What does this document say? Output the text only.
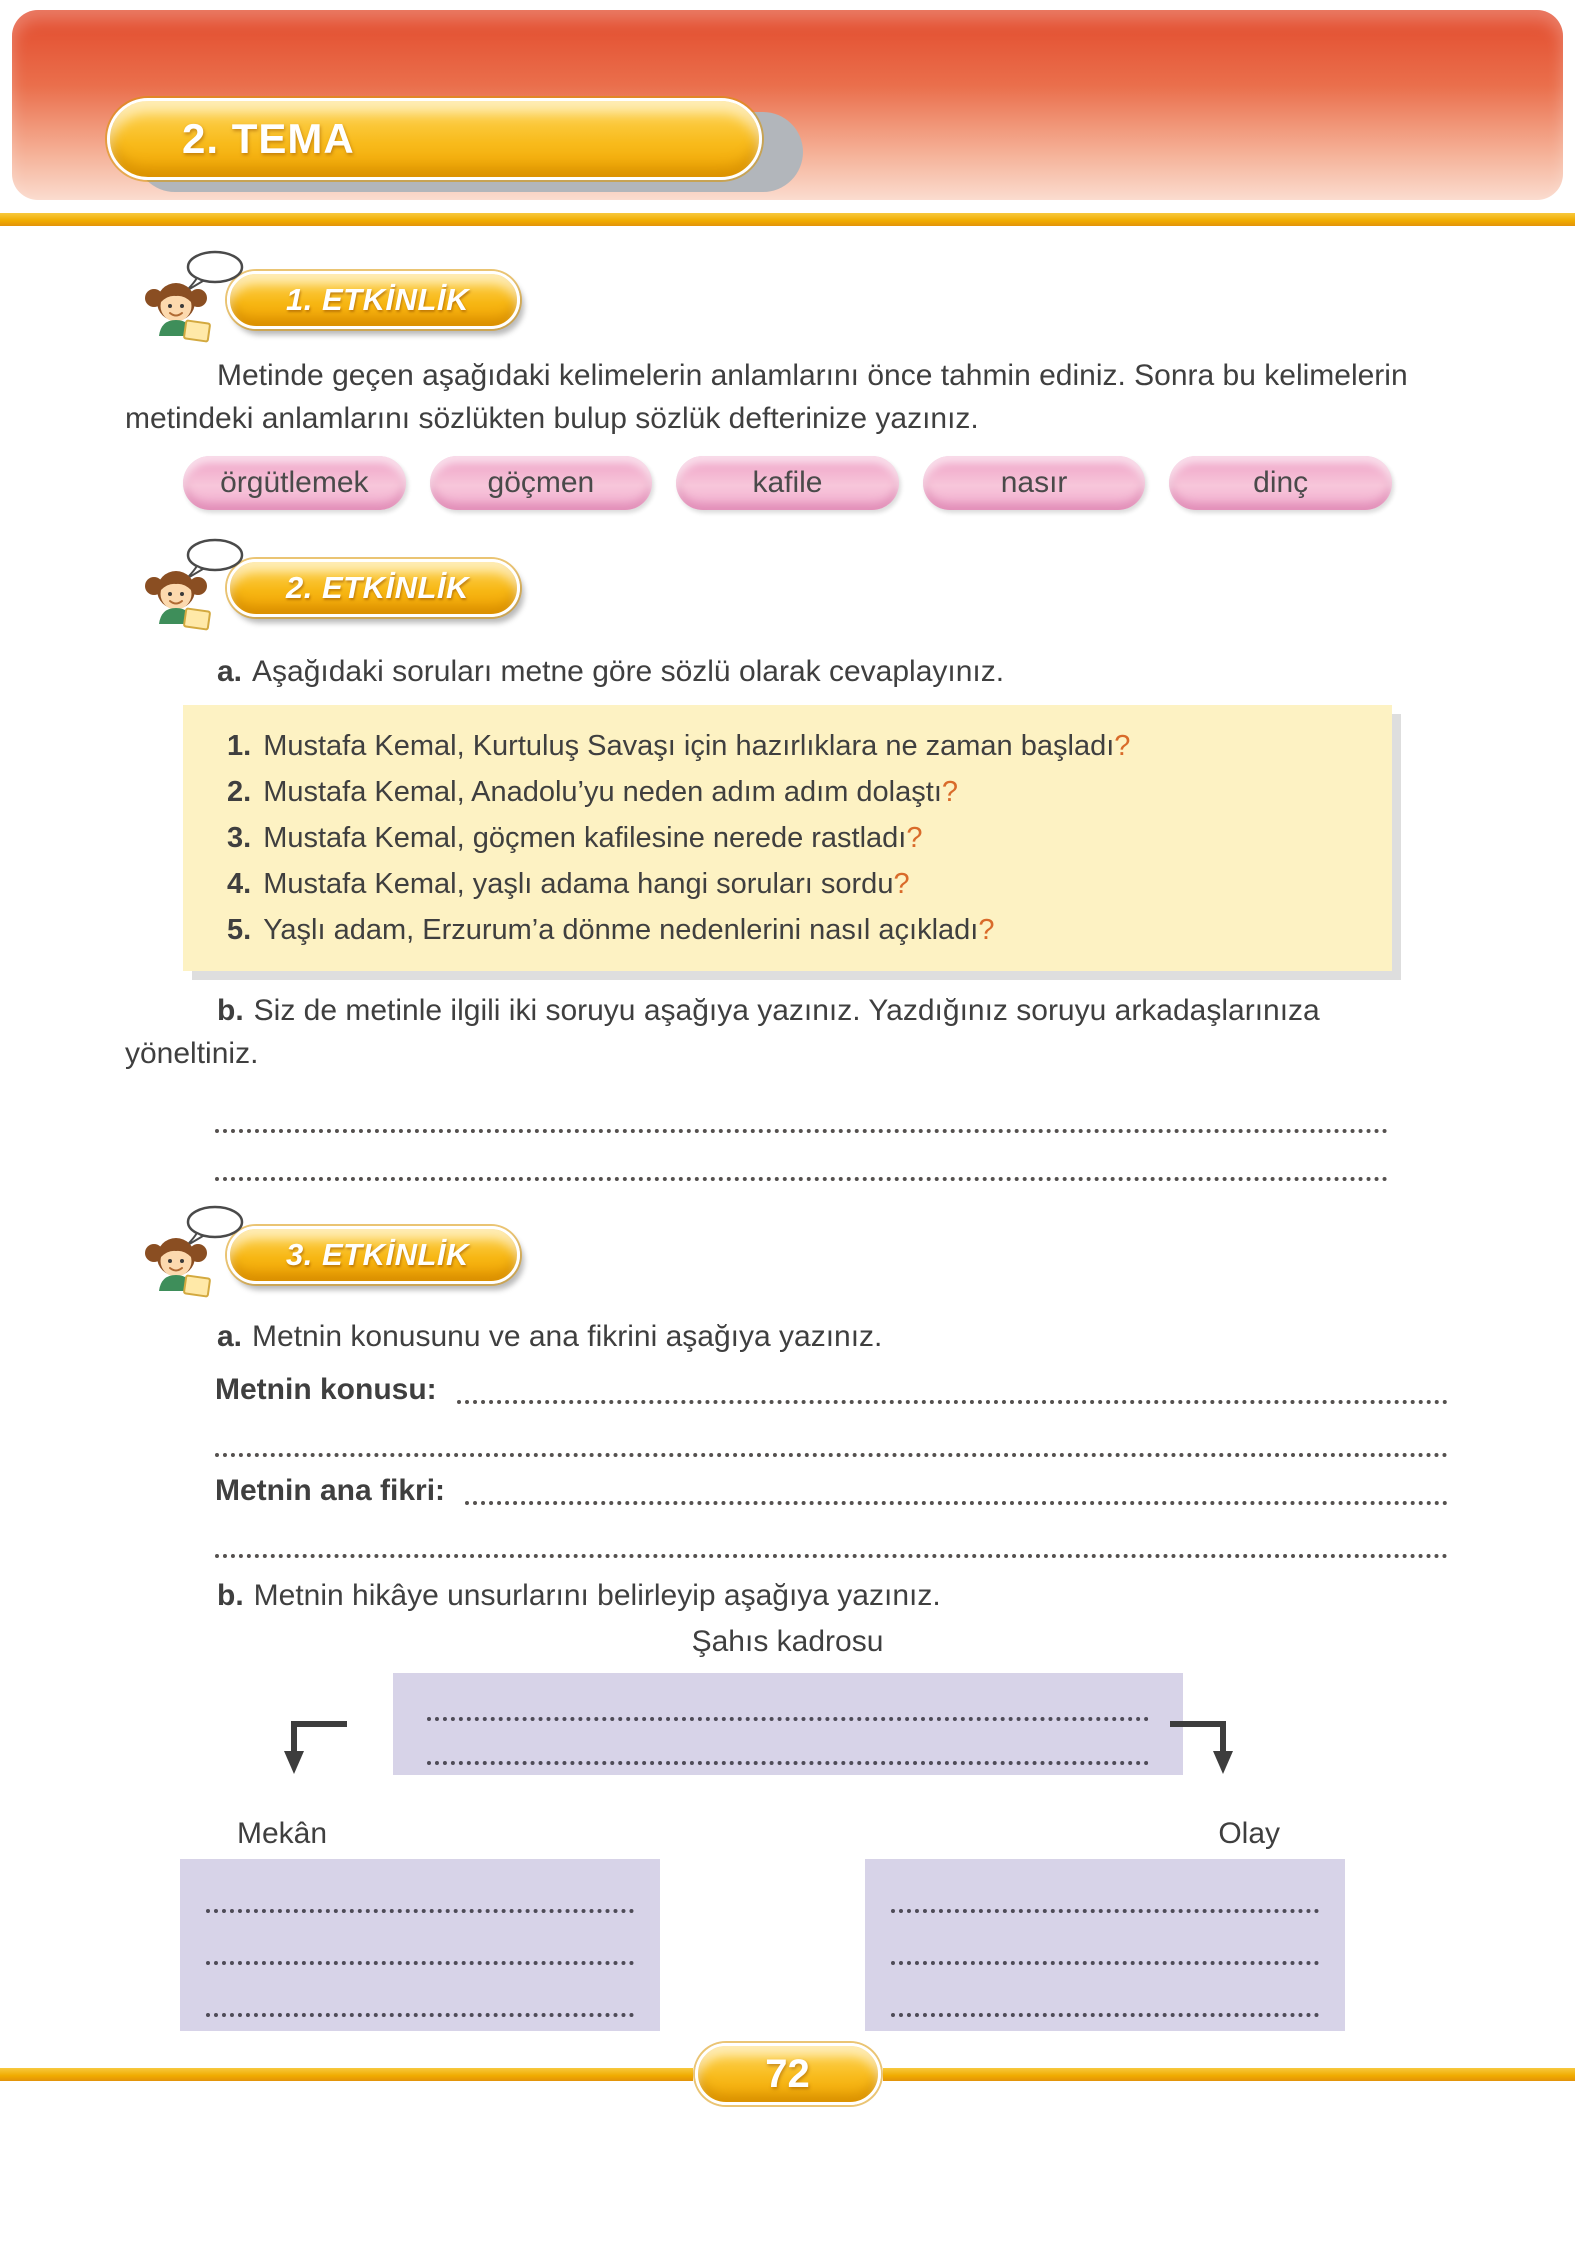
2. TEMA
1. ETKİNLİK

Metinde geçen aşağıdaki kelimelerin anlamlarını önce tahmin ediniz. Sonra bu kelimelerin metindeki anlamlarını sözlükten bulup sözlük defterinize yazınız.

örgütlemek	göçmen	kafile	nasır	dinç
2. ETKİNLİK

a. Aşağıdaki soruları metne göre sözlü olarak cevaplayınız.

1. Mustafa Kemal, Kurtuluş Savaşı için hazırlıklara ne zaman başladı ?

2. Mustafa Kemal, Anadolu’yu neden adım adım dolaştı ?

3. Mustafa Kemal, göçmen kafilesine nerede rastladı ?

4. Mustafa Kemal, yaşlı adama hangi soruları sordu ?

5. Yaşlı adam, Erzurum’a dönme nedenlerini nasıl açıkladı ?

b. Siz de metinle ilgili iki soruyu aşağıya yazınız. Yazdığınız soruyu arkadaşlarınıza yöneltiniz.

3. ETKİNLİK

a. Metnin konusunu ve ana fikrini aşağıya yazınız.

Metnin konusu:
Metnin ana fikri:

b. Metnin hikâye unsurlarını belirleyip aşağıya yazınız.

Şahıs kadrosu
Mekân	Olay
72
